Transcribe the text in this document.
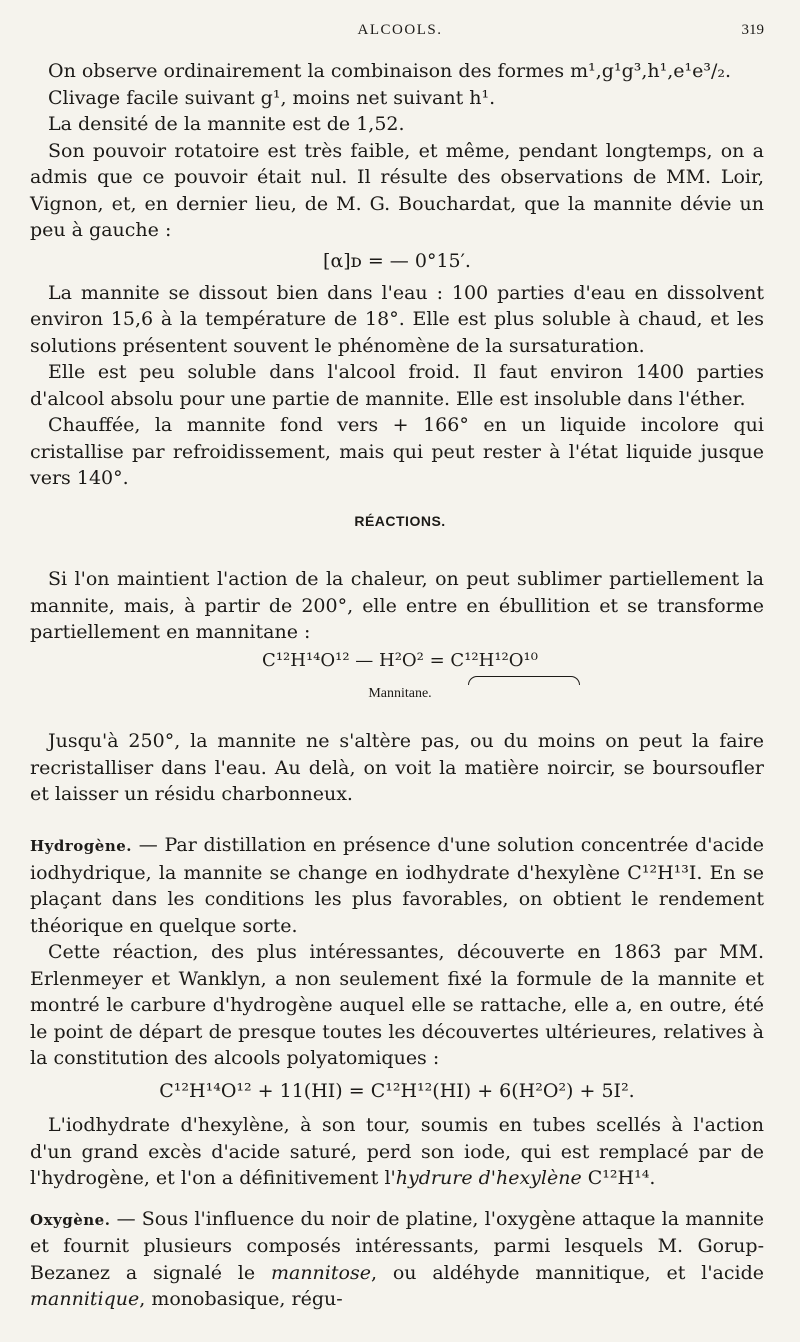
ALCOOLS.	319

On observe ordinairement la combinaison des formes m¹,g¹g³,h¹,e¹e³/₂.

Clivage facile suivant g¹, moins net suivant h¹.

La densité de la mannite est de 1,52.

Son pouvoir rotatoire est très faible, et même, pendant longtemps, on a admis que ce pouvoir était nul. Il résulte des observations de MM. Loir, Vignon, et, en dernier lieu, de M. G. Bouchardat, que la mannite dévie un peu à gauche :

[α]ᴅ = — 0°15′.

La mannite se dissout bien dans l'eau : 100 parties d'eau en dissolvent environ 15,6 à la température de 18°. Elle est plus soluble à chaud, et les solutions présentent souvent le phénomène de la sursaturation.

Elle est peu soluble dans l'alcool froid. Il faut environ 1400 parties d'alcool absolu pour une partie de mannite. Elle est insoluble dans l'éther.

Chauffée, la mannite fond vers + 166° en un liquide incolore qui cristallise par refroidissement, mais qui peut rester à l'état liquide jusque vers 140°.

RÉACTIONS.

Si l'on maintient l'action de la chaleur, on peut sublimer partiellement la mannite, mais, à partir de 200°, elle entre en ébullition et se transforme partiellement en mannitane :

C¹²H¹⁴O¹² — H²O² = C¹²H¹²O¹⁰
Mannitane.

Jusqu'à 250°, la mannite ne s'altère pas, ou du moins on peut la faire recristalliser dans l'eau. Au delà, on voit la matière noircir, se boursoufler et laisser un résidu charbonneux.

Hydrogène. — Par distillation en présence d'une solution concentrée d'acide iodhydrique, la mannite se change en iodhydrate d'hexylène C¹²H¹³I. En se plaçant dans les conditions les plus favorables, on obtient le rendement théorique en quelque sorte.

Cette réaction, des plus intéressantes, découverte en 1863 par MM. Erlenmeyer et Wanklyn, a non seulement fixé la formule de la mannite et montré le carbure d'hydrogène auquel elle se rattache, elle a, en outre, été le point de départ de presque toutes les découvertes ultérieures, relatives à la constitution des alcools polyatomiques :

C¹²H¹⁴O¹² + 11(HI) = C¹²H¹²(HI) + 6(H²O²) + 5I².

L'iodhydrate d'hexylène, à son tour, soumis en tubes scellés à l'action d'un grand excès d'acide saturé, perd son iode, qui est remplacé par de l'hydrogène, et l'on a définitivement l'hydrure d'hexylène C¹²H¹⁴.

Oxygène. — Sous l'influence du noir de platine, l'oxygène attaque la mannite et fournit plusieurs composés intéressants, parmi lesquels M. Gorup-Bezanez a signalé le mannitose, ou aldéhyde mannitique, et l'acide mannitique, monobasique, régu-
